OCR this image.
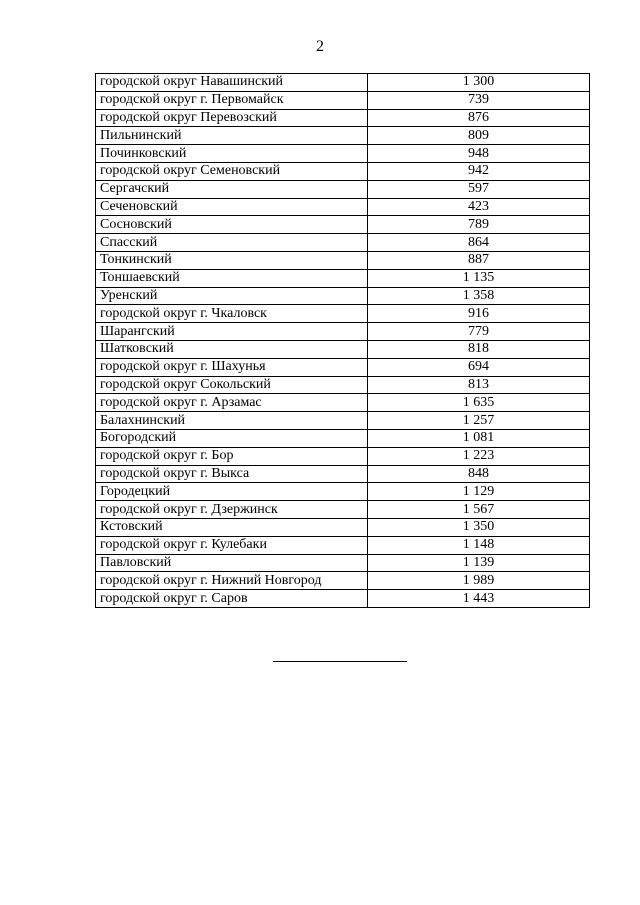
2
городской округ Навашинский	1 300
городской округ г. Первомайск	739
городской округ Перевозский	876
Пильнинский	809
Починковский	948
городской округ Семеновский	942
Сергачский	597
Сеченовский	423
Сосновский	789
Спасский	864
Тонкинский	887
Тоншаевский	1 135
Уренский	1 358
городской округ г. Чкаловск	916
Шарангский	779
Шатковский	818
городской округ г. Шахунья	694
городской округ Сокольский	813
городской округ г. Арзамас	1 635
Балахнинский	1 257
Богородский	1 081
городской округ г. Бор	1 223
городской округ г. Выкса	848
Городецкий	1 129
городской округ г. Дзержинск	1 567
Кстовский	1 350
городской округ г. Кулебаки	1 148
Павловский	1 139
городской округ г. Нижний Новгород	1 989
городской округ г. Саров	1 443
